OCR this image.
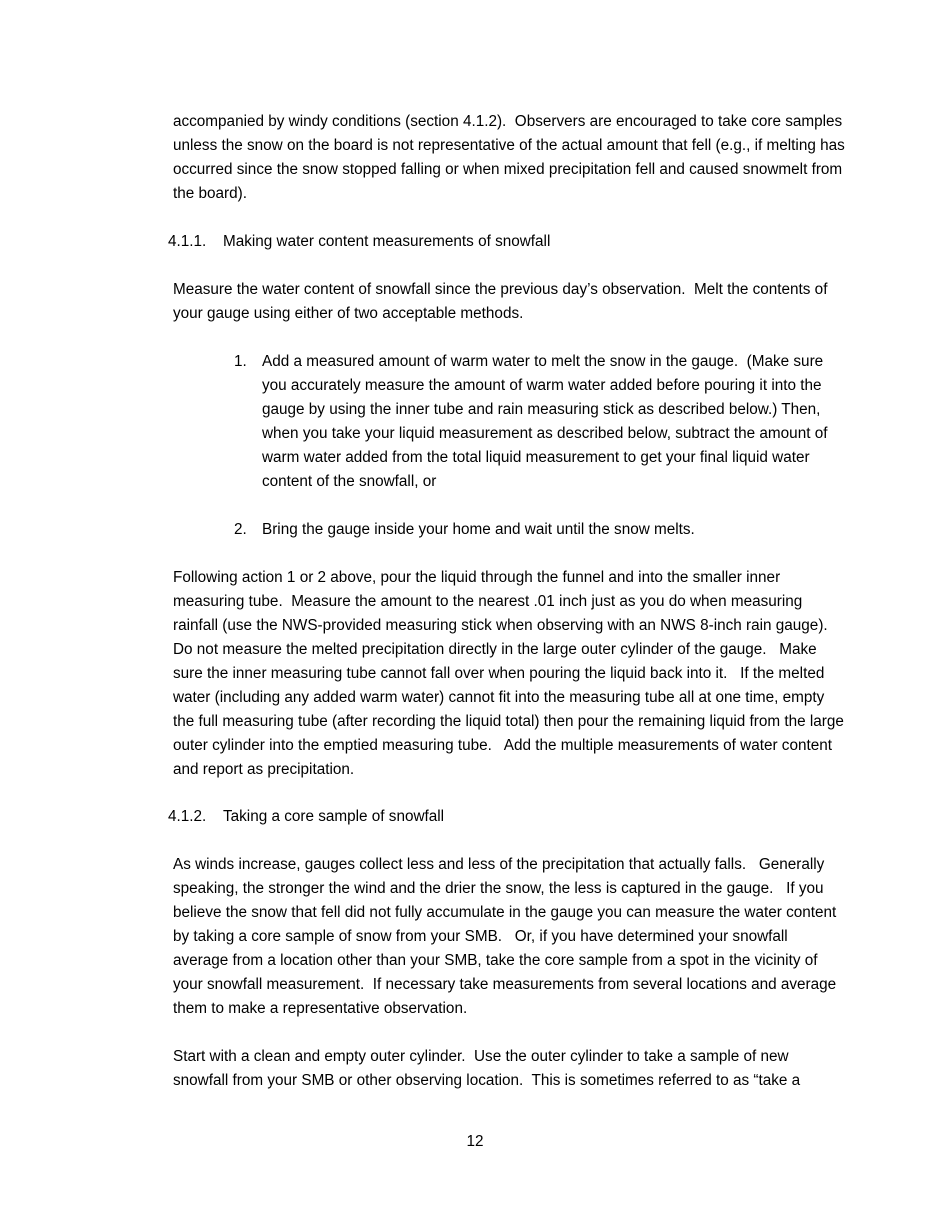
accompanied by windy conditions (section 4.1.2).  Observers are encouraged to take core samples unless the snow on the board is not representative of the actual amount that fell (e.g., if melting has occurred since the snow stopped falling or when mixed precipitation fell and caused snowmelt from the board).

4.1.1. Making water content measurements of snowfall

Measure the water content of snowfall since the previous day’s observation.  Melt the contents of your gauge using either of two acceptable methods.

1. Add a measured amount of warm water to melt the snow in the gauge.  (Make sure you accurately measure the amount of warm water added before pouring it into the gauge by using the inner tube and rain measuring stick as described below.) Then, when you take your liquid measurement as described below, subtract the amount of warm water added from the total liquid measurement to get your final liquid water content of the snowfall, or
2. Bring the gauge inside your home and wait until the snow melts.

Following action 1 or 2 above, pour the liquid through the funnel and into the smaller inner measuring tube.  Measure the amount to the nearest .01 inch just as you do when measuring rainfall (use the NWS-provided measuring stick when observing with an NWS 8-inch rain gauge).   Do not measure the melted precipitation directly in the large outer cylinder of the gauge.   Make sure the inner measuring tube cannot fall over when pouring the liquid back into it.   If the melted water (including any added warm water) cannot fit into the measuring tube all at one time, empty the full measuring tube (after recording the liquid total) then pour the remaining liquid from the large outer cylinder into the emptied measuring tube.   Add the multiple measurements of water content and report as precipitation.

4.1.2. Taking a core sample of snowfall

As winds increase, gauges collect less and less of the precipitation that actually falls.   Generally speaking, the stronger the wind and the drier the snow, the less is captured in the gauge.   If you believe the snow that fell did not fully accumulate in the gauge you can measure the water content by taking a core sample of snow from your SMB.   Or, if you have determined your snowfall average from a location other than your SMB, take the core sample from a spot in the vicinity of your snowfall measurement.  If necessary take measurements from several locations and average them to make a representative observation.

Start with a clean and empty outer cylinder.  Use the outer cylinder to take a sample of new snowfall from your SMB or other observing location.  This is sometimes referred to as “take a

12
